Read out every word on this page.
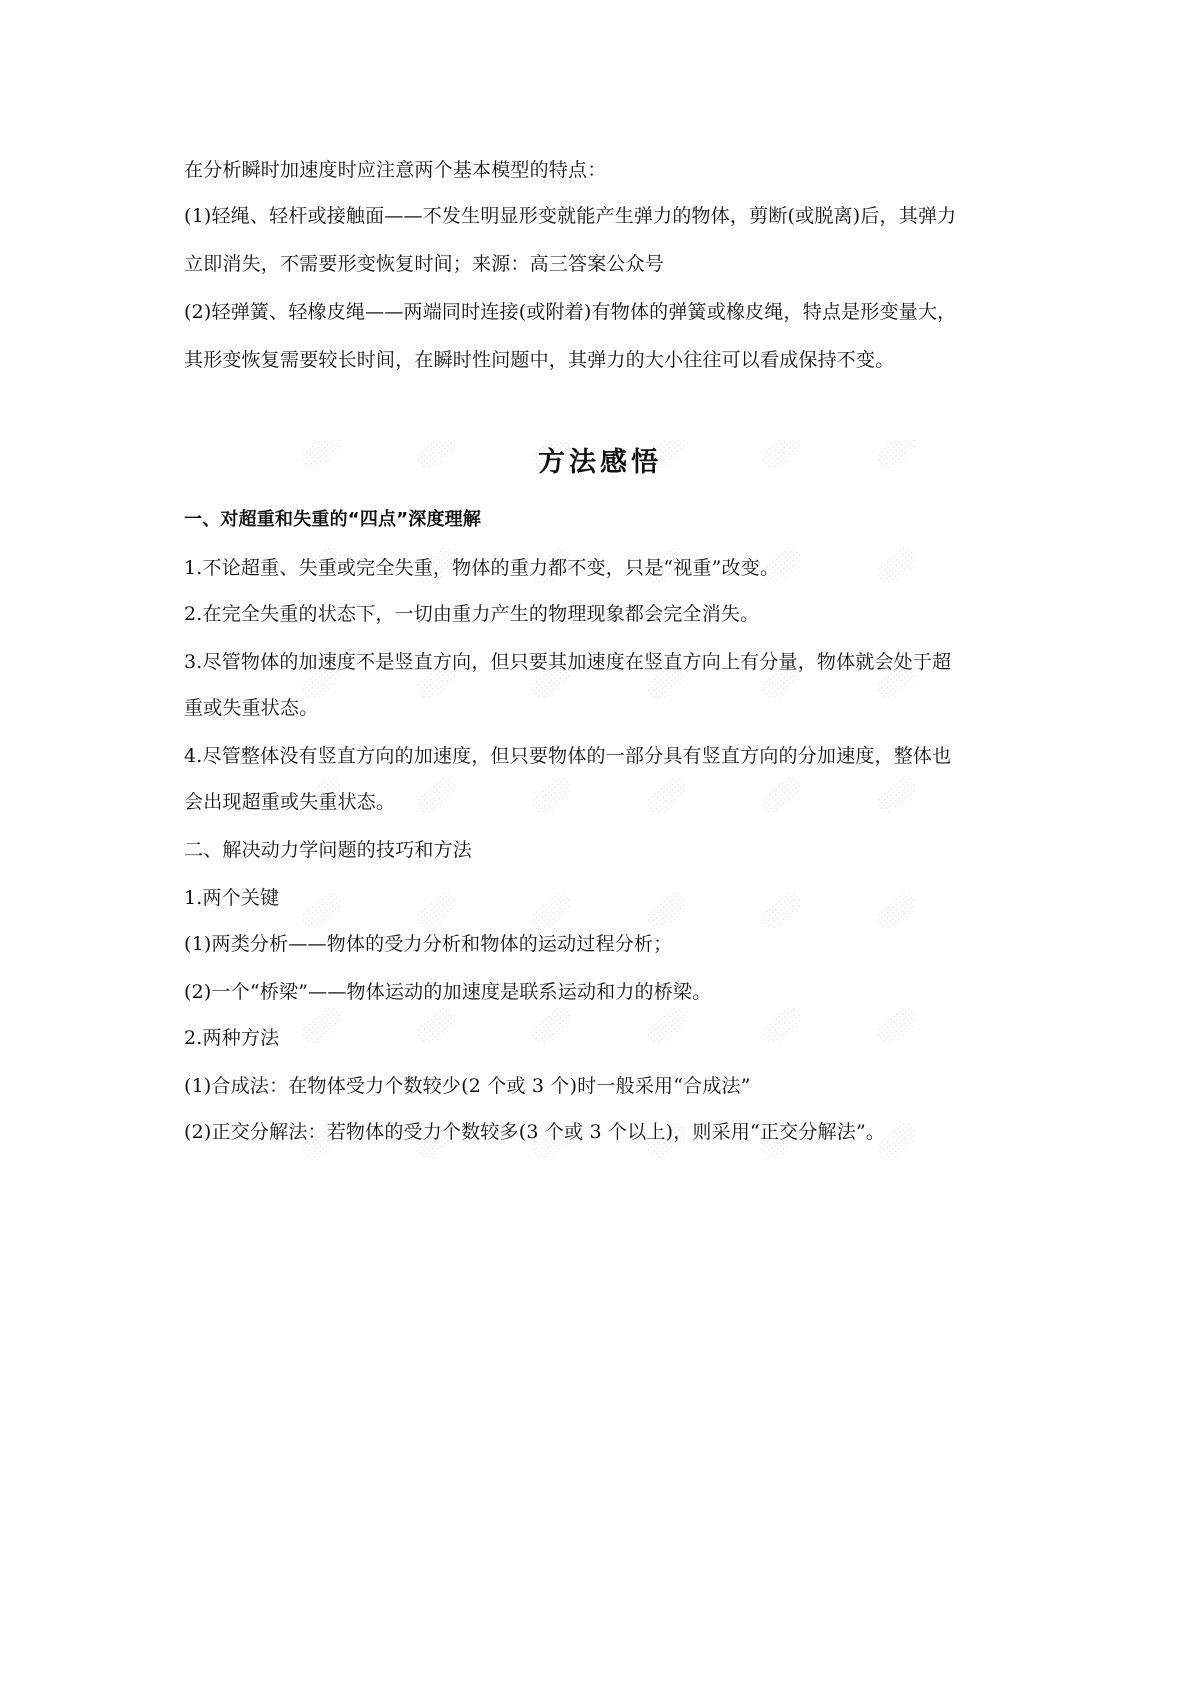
在分析瞬时加速度时应注意两个基本模型的特点：
(1)轻绳、轻杆或接触面——不发生明显形变就能产生弹力的物体，剪断(或脱离)后，其弹力
立即消失，不需要形变恢复时间；来源：高三答案公众号
(2)轻弹簧、轻橡皮绳——两端同时连接(或附着)有物体的弹簧或橡皮绳，特点是形变量大，
其形变恢复需要较长时间，在瞬时性问题中，其弹力的大小往往可以看成保持不变。
方法感悟
一、对超重和失重的“四点”深度理解
1.不论超重、失重或完全失重，物体的重力都不变，只是“视重”改变。
2.在完全失重的状态下，一切由重力产生的物理现象都会完全消失。
3.尽管物体的加速度不是竖直方向，但只要其加速度在竖直方向上有分量，物体就会处于超
重或失重状态。
4.尽管整体没有竖直方向的加速度，但只要物体的一部分具有竖直方向的分加速度，整体也
会出现超重或失重状态。
二、解决动力学问题的技巧和方法
1.两个关键
(1)两类分析——物体的受力分析和物体的运动过程分析；
(2)一个“桥梁”——物体运动的加速度是联系运动和力的桥梁。
2.两种方法
(1)合成法：在物体受力个数较少(2 个或 3 个)时一般采用“合成法”
(2)正交分解法：若物体的受力个数较多(3 个或 3 个以上)，则采用“正交分解法”。
